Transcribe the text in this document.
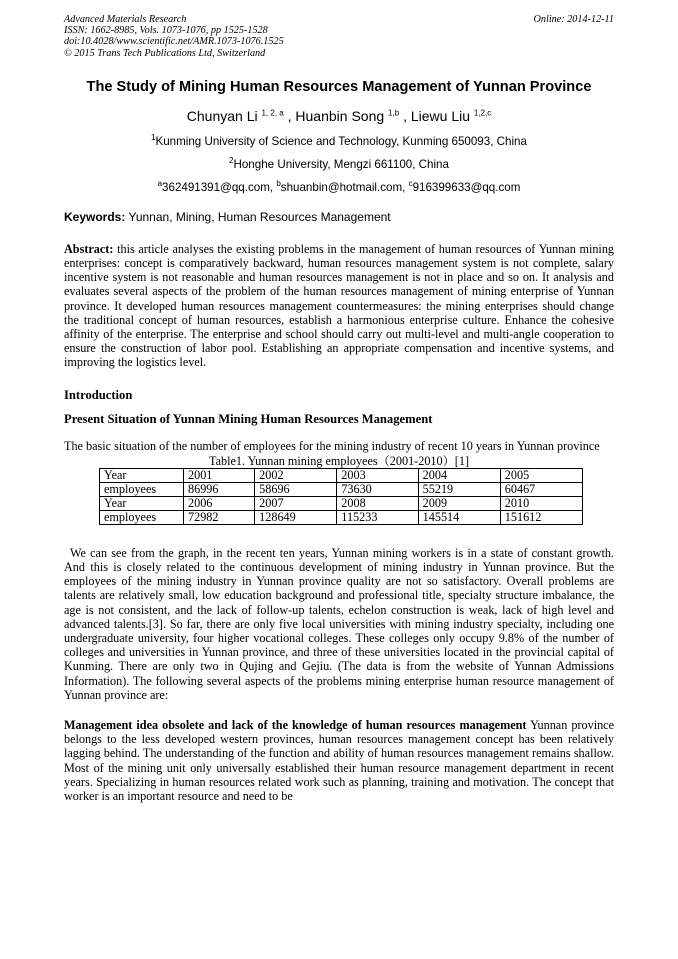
Advanced Materials Research
ISSN: 1662-8985, Vols. 1073-1076, pp 1525-1528
doi:10.4028/www.scientific.net/AMR.1073-1076.1525
© 2015 Trans Tech Publications Ltd, Switzerland
Online: 2014-12-11
The Study of Mining Human Resources Management of Yunnan Province
Chunyan Li $^{1, 2, a}$ , Huanbin Song $^{1,b}$ , Liewu Liu $^{1,2,c}$
$^1$Kunming University of Science and Technology, Kunming 650093, China
$^2$Honghe University, Mengzi 661100, China
$^a$362491391@qq.com, $^b$shuanbin@hotmail.com, $^c$916399633@qq.com
Keywords: Yunnan, Mining, Human Resources Management

Abstract: this article analyses the existing problems in the management of human resources of Yunnan mining enterprises: concept is comparatively backward, human resources management system is not complete, salary incentive system is not reasonable and human resources management is not in place and so on. It analysis and evaluates several aspects of the problem of the human resources management of mining enterprise of Yunnan province. It developed human resources management countermeasures: the mining enterprises should change the traditional concept of human resources, establish a harmonious enterprise culture. Enhance the cohesive affinity of the enterprise. The enterprise and school should carry out multi-level and multi-angle cooperation to ensure the construction of labor pool. Establishing an appropriate compensation and incentive systems, and improving the logistics level.

Introduction
Present Situation of Yunnan Mining Human Resources Management

The basic situation of the number of employees for the mining industry of recent 10 years in Yunnan province

Table1. Yunnan mining employees（2001-2010）[1]
Year	2001	2002	2003	2004	2005
employees	86996	58696	73630	55219	60467
Year	2006	2007	2008	2009	2010
employees	72982	128649	115233	145514	151612

We can see from the graph, in the recent ten years, Yunnan mining workers is in a state of constant growth. And this is closely related to the continuous development of mining industry in Yunnan province. But the employees of the mining industry in Yunnan province quality are not so satisfactory. Overall problems are talents are relatively small, low education background and professional title, specialty structure imbalance, the age is not consistent, and the lack of follow-up talents, echelon construction is weak, lack of high level and advanced talents.[3]. So far, there are only five local universities with mining industry specialty, including one undergraduate university, four higher vocational colleges. These colleges only occupy 9.8% of the number of colleges and universities in Yunnan province, and three of these universities located in the provincial capital of Kunming. There are only two in Qujing and Gejiu. (The data is from the website of Yunnan Admissions Information). The following several aspects of the problems mining enterprise human resource management of Yunnan province are:

Management idea obsolete and lack of the knowledge of human resources management Yunnan province belongs to the less developed western provinces, human resources management concept has been relatively lagging behind. The understanding of the function and ability of human resources management remains shallow. Most of the mining unit only universally established their human resource management department in recent years. Specializing in human resources related work such as planning, training and motivation. The concept that worker is an important resource and need to be
